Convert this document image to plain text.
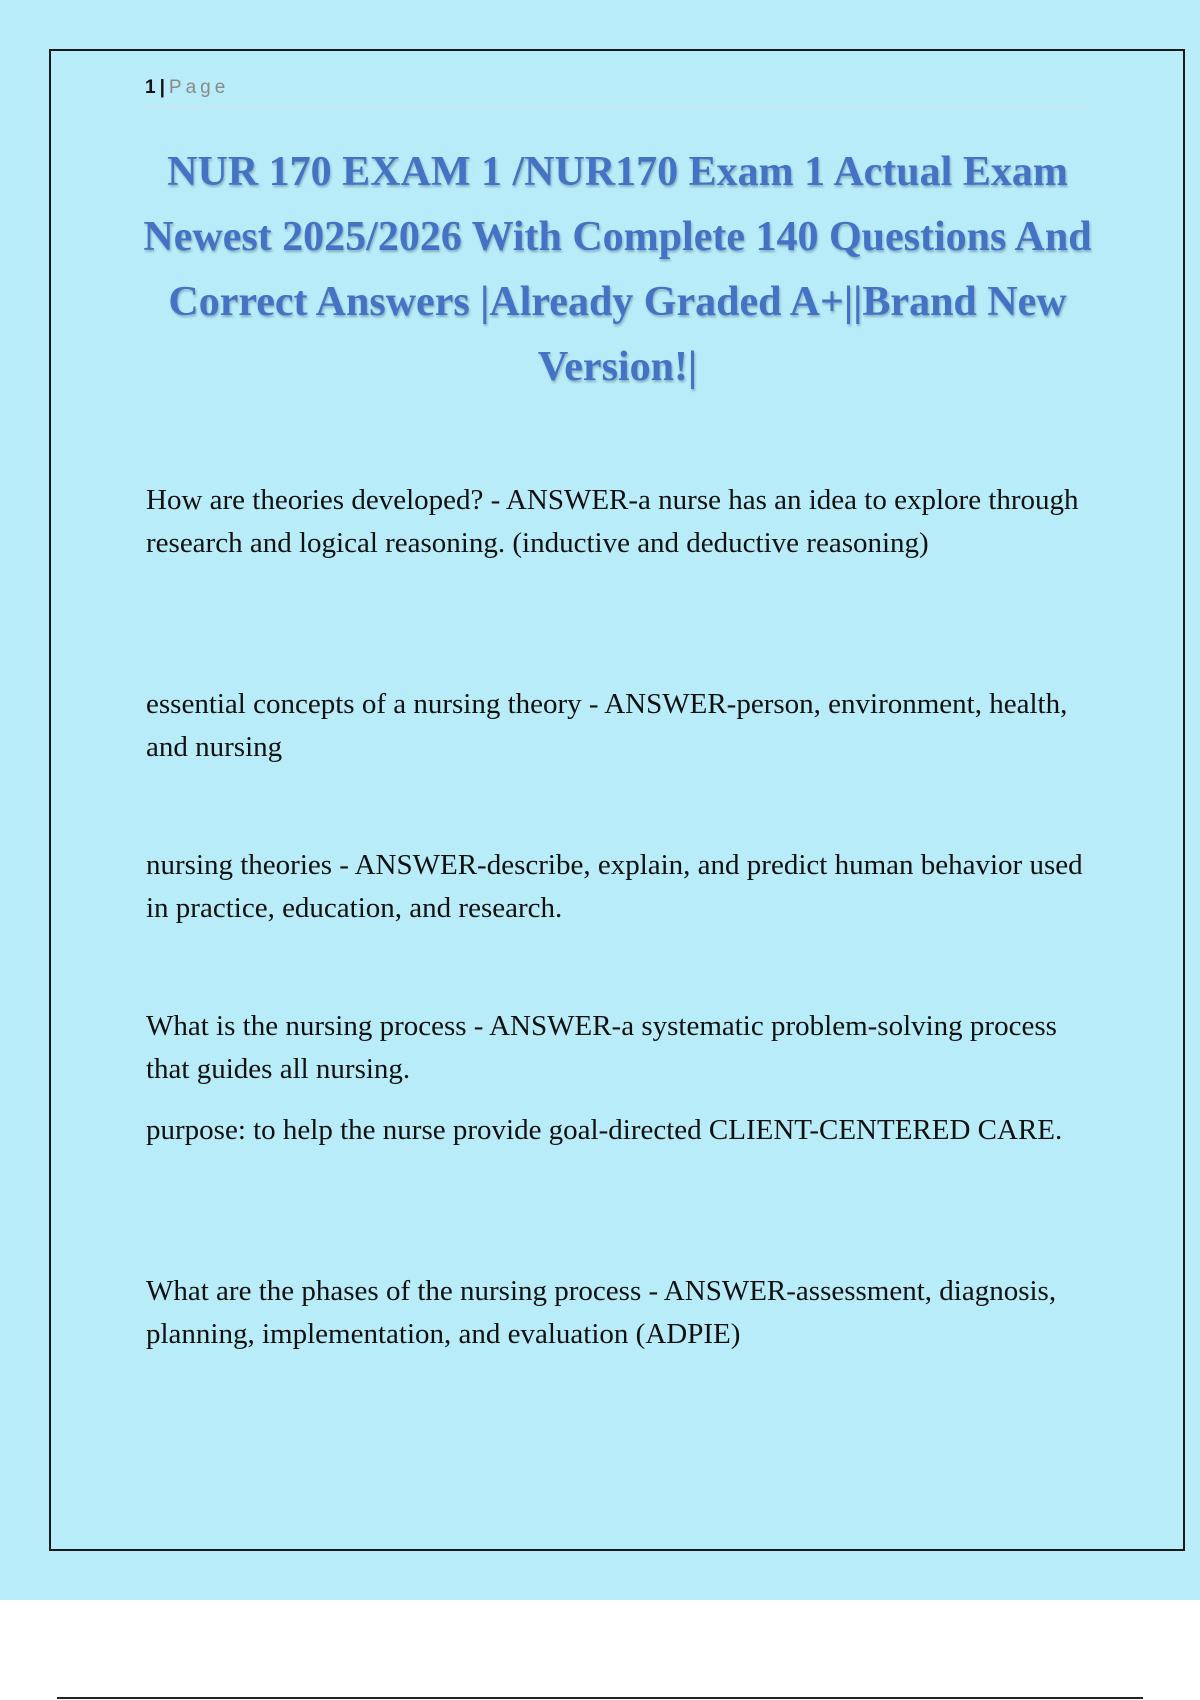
1 | Page
NUR 170 EXAM 1 /NUR170 Exam 1 Actual Exam Newest 2025/2026 With Complete 140 Questions And Correct Answers |Already Graded A+||Brand New Version!|

How are theories developed? - ANSWER-a nurse has an idea to explore through research and logical reasoning. (inductive and deductive reasoning)

essential concepts of a nursing theory - ANSWER-person, environment, health, and nursing

nursing theories - ANSWER-describe, explain, and predict human behavior used in practice, education, and research.

What is the nursing process - ANSWER-a systematic problem-solving process that guides all nursing.

purpose: to help the nurse provide goal-directed CLIENT-CENTERED CARE.

What are the phases of the nursing process - ANSWER-assessment, diagnosis, planning, implementation, and evaluation (ADPIE)
